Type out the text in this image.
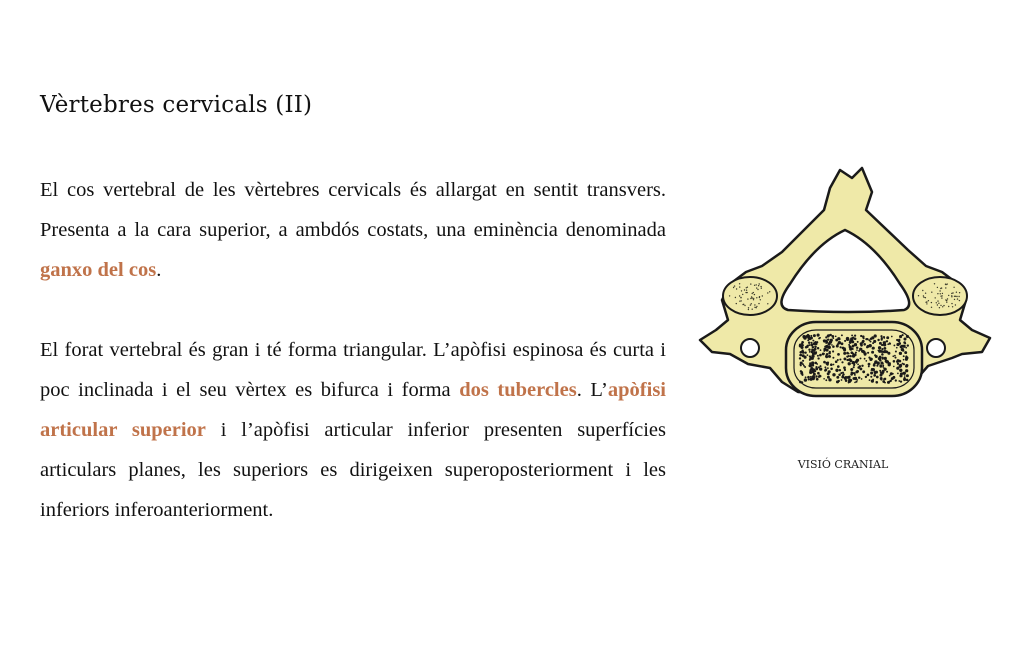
Vèrtebres cervicals (II)

El cos vertebral de les vèrtebres cervicals és allargat en sentit transvers. Presenta a la cara superior, a ambdós costats, una eminència denominada ganxo del cos.

El forat vertebral és gran i té forma triangular. L’apòfisi espinosa és curta i poc inclinada i el seu vèrtex es bifurca i forma dos tubercles. L’apòfisi articular superior i l’apòfisi articular inferior presenten superfícies articulars planes, les superiors es dirigeixen superoposteriorment i les inferiors inferoanteriorment.

VISIÓ CRANIAL
